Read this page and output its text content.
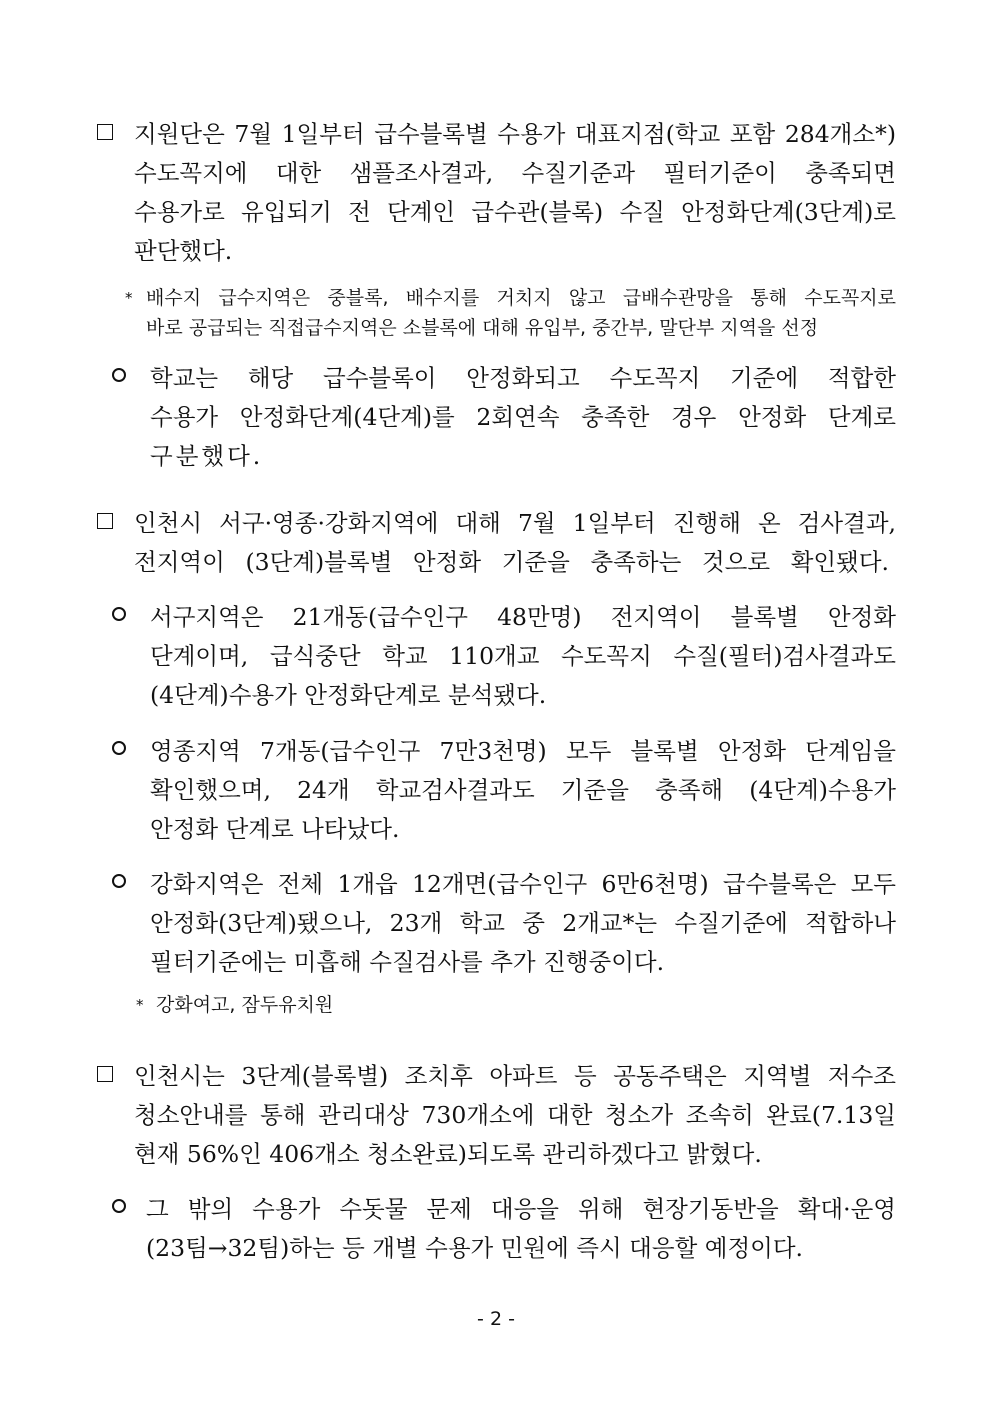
지원단은 7월 1일부터 급수블록별 수용가 대표지점(학교 포함 284개소*)
수도꼭지에 대한 샘플조사결과, 수질기준과 필터기준이 충족되면
수용가로 유입되기 전 단계인 급수관(블록) 수질 안정화단계(3단계)로
판단했다.
* 배수지 급수지역은 중블록, 배수지를 거치지 않고 급배수관망을 통해 수도꼭지로
바로 공급되는 직접급수지역은 소블록에 대해 유입부, 중간부, 말단부 지역을 선정
학교는 해당 급수블록이 안정화되고 수도꼭지 기준에 적합한
수용가 안정화단계(4단계)를 2회연속 충족한 경우 안정화 단계로
구분했다.
인천시 서구·영종·강화지역에 대해 7월 1일부터 진행해 온 검사결과,
전지역이 (3단계)블록별 안정화 기준을 충족하는 것으로 확인됐다.
서구지역은 21개동(급수인구 48만명) 전지역이 블록별 안정화
단계이며, 급식중단 학교 110개교 수도꼭지 수질(필터)검사결과도
(4단계)수용가 안정화단계로 분석됐다.
영종지역 7개동(급수인구 7만3천명) 모두 블록별 안정화 단계임을
확인했으며, 24개 학교검사결과도 기준을 충족해 (4단계)수용가
안정화 단계로 나타났다.
강화지역은 전체 1개읍 12개면(급수인구 6만6천명) 급수블록은 모두
안정화(3단계)됐으나, 23개 학교 중 2개교*는 수질기준에 적합하나
필터기준에는 미흡해 수질검사를 추가 진행중이다.
* 강화여고, 잠두유치원
인천시는 3단계(블록별) 조치후 아파트 등 공동주택은 지역별 저수조
청소안내를 통해 관리대상 730개소에 대한 청소가 조속히 완료(7.13일
현재 56%인 406개소 청소완료)되도록 관리하겠다고 밝혔다.
그 밖의 수용가 수돗물 문제 대응을 위해 현장기동반을 확대·운영
(23팀→32팀)하는 등 개별 수용가 민원에 즉시 대응할 예정이다.
- 2 -
